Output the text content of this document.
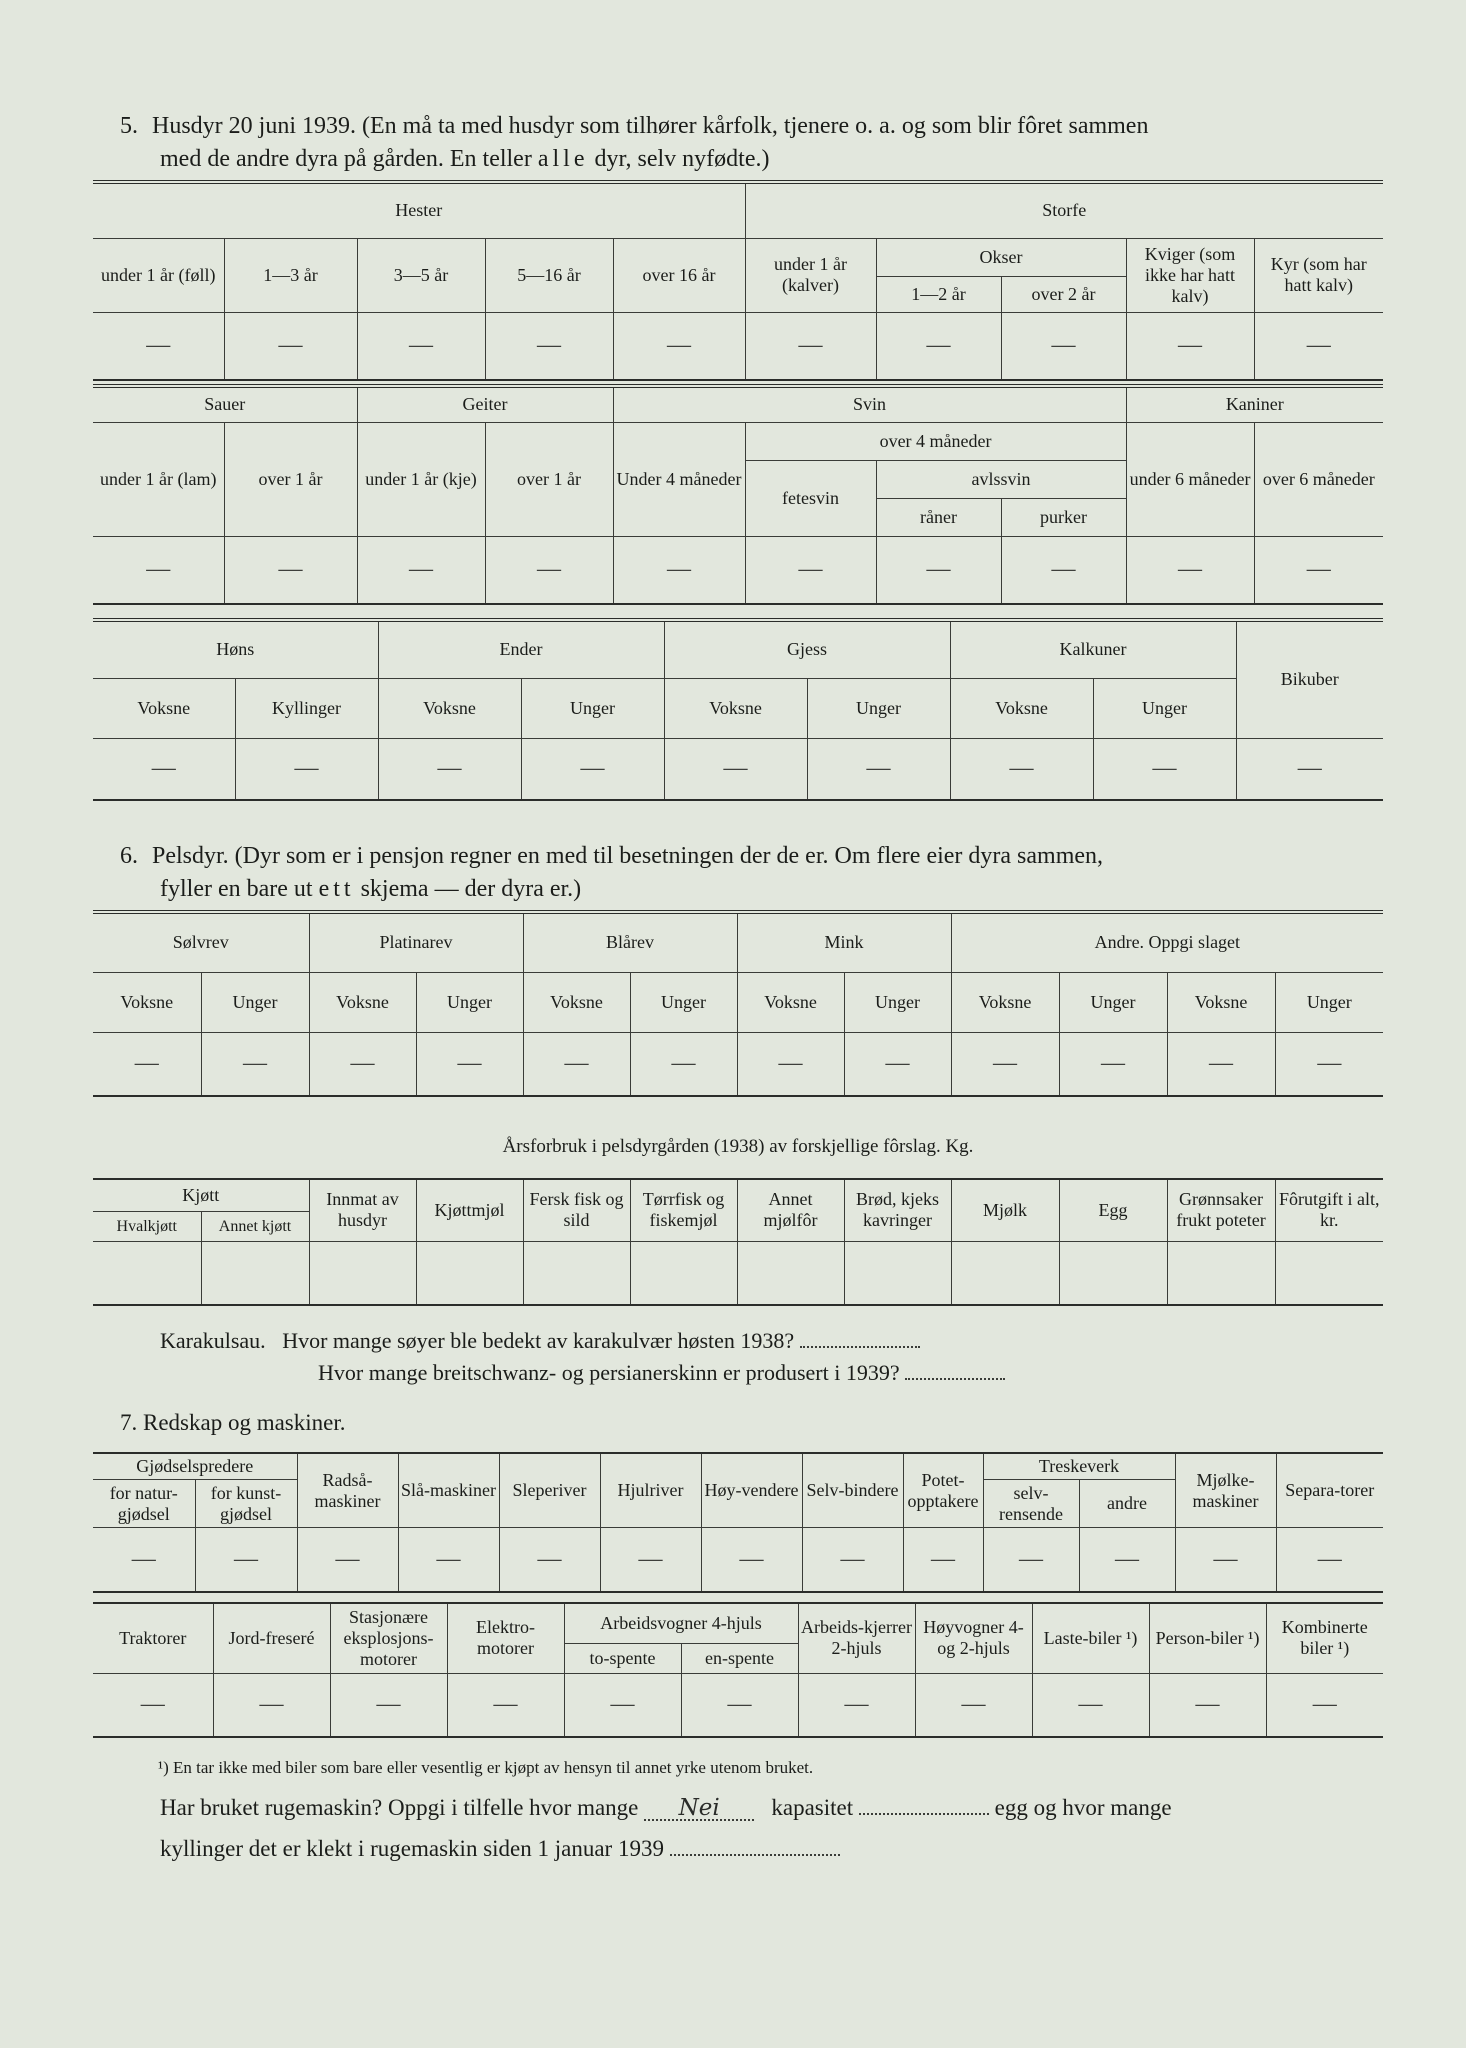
5. Husdyr 20 juni 1939. (En må ta med husdyr som tilhører kårfolk, tjenere o. a. og som blir fôret sammen

med de andre dyra på gården. En teller alle dyr, selv nyfødte.)

Hester					Storfe				
under 1 år (føll)	1—3 år	3—5 år	5—16 år	over 16 år	under 1 år (kalver)	Okser		Kviger (som ikke har hatt kalv)	Kyr (som har hatt kalv)
						1—2 år	over 2 år		
—	—	—	—	—	—	—	—	—	—
Sauer		Geiter		Svin				Kaniner	
under 1 år (lam)	over 1 år	under 1 år (kje)	over 1 år	Under 4 måneder	over 4 måneder			under 6 måneder	over 6 måneder
					fetesvin	avlssvin			
						råner	purker		
—	—	—	—	—	—	—	—	—	—
Høns		Ender		Gjess		Kalkuner		Bikuber
Voksne	Kyllinger	Voksne	Unger	Voksne	Unger	Voksne	Unger	
—	—	—	—	—	—	—	—	—

6. Pelsdyr. (Dyr som er i pensjon regner en med til besetningen der de er. Om flere eier dyra sammen,

fyller en bare ut ett skjema — der dyra er.)

Sølvrev		Platinarev		Blårev		Mink		Andre. Oppgi slaget			
Voksne	Unger	Voksne	Unger	Voksne	Unger	Voksne	Unger	Voksne	Unger	Voksne	Unger
—	—	—	—	—	—	—	—	—	—	—	—
Årsforbruk i pelsdyrgården (1938) av forskjellige fôrslag. Kg.
Kjøtt		Innmat av husdyr	Kjøttmjøl	Fersk fisk og sild	Tørrfisk og fiskemjøl	Annet mjølfôr	Brød, kjeks kavringer	Mjølk	Egg	Grønnsaker frukt poteter	Fôrutgift i alt, kr.
Hvalkjøtt	Annet kjøtt										

Karakulsau. Hvor mange søyer ble bedekt av karakulvær høsten 1938?
Hvor mange breitschwanz- og persianerskinn er produsert i 1939?
7. Redskap og maskiner.
Gjødselspredere		Radså-maskiner	Slå-maskiner	Sleperiver	Hjulriver	Høy-vendere	Selv-bindere	Potet-opptakere	Treskeverk		Mjølke-maskiner	Separa-torer
for natur-gjødsel	for kunst-gjødsel								selv-rensende	andre		
—	—	—	—	—	—	—	—	—	—	—	—	—
Traktorer	Jord-freseré	Stasjonære eksplosjons-motorer	Elektro-motorer	Arbeidsvogner 4-hjuls		Arbeids-kjerrer 2-hjuls	Høyvogner 4- og 2-hjuls	Laste-biler ¹)	Person-biler ¹)	Kombinerte biler ¹)
				to-spente	en-spente					
—	—	—	—	—	—	—	—	—	—	—
¹) En tar ikke med biler som bare eller vesentlig er kjøpt av hensyn til annet yrke utenom bruket.
Har bruket rugemaskin? Oppgi i tilfelle hvor mange Nei kapasitet	egg og hvor mange
kyllinger det er klekt i rugemaskin siden 1 januar 1939
